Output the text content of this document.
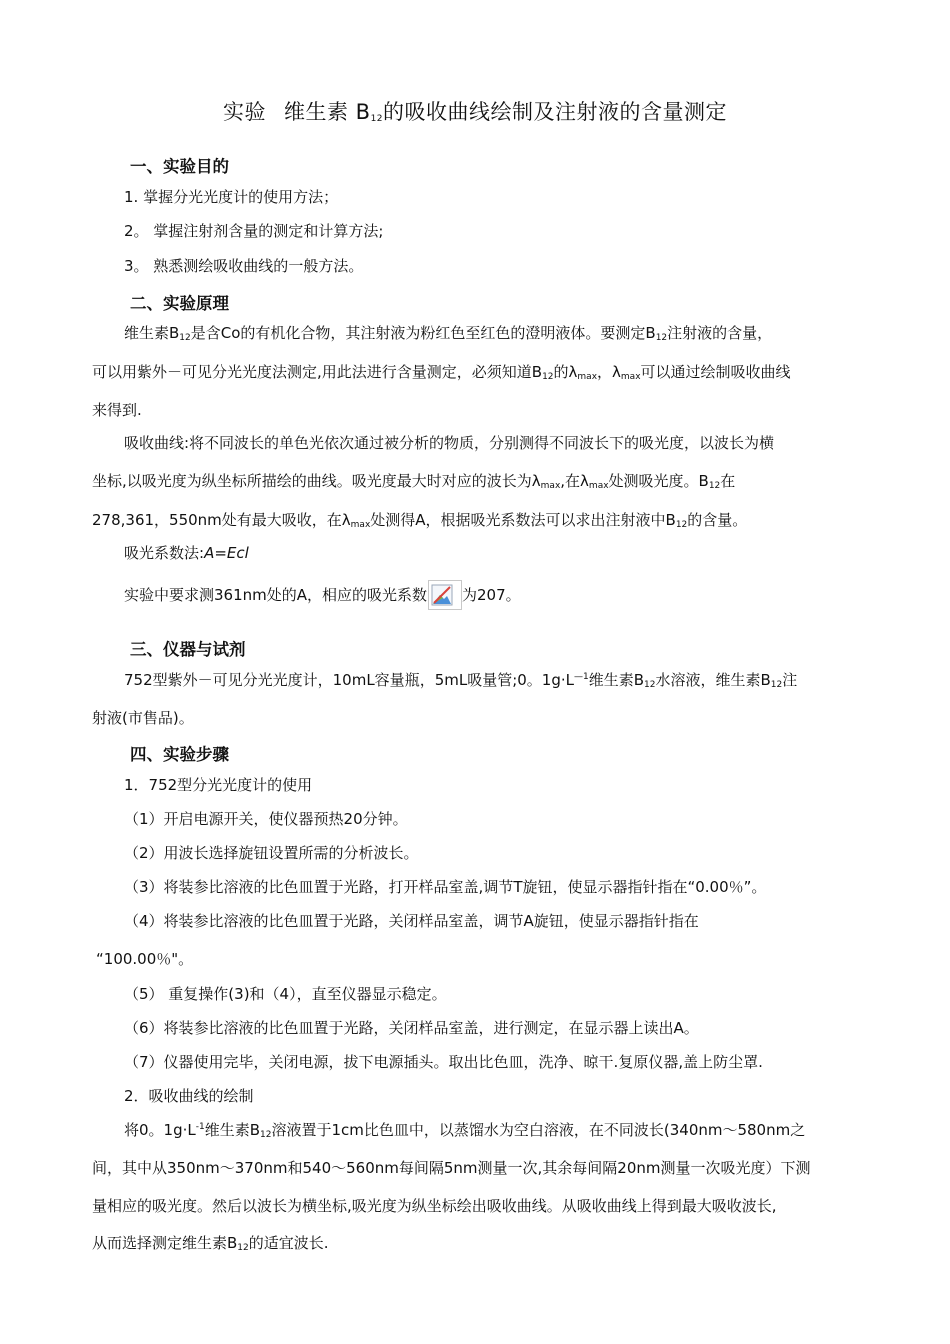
实验 维生素 $B_{12}$的吸收曲线绘制及注射液的含量测定
一、实验目的
1. 掌握分光光度计的使用方法；
2。 掌握注射剂含量的测定和计算方法;
3。 熟悉测绘吸收曲线的一般方法。
二、实验原理
维生素$B_{12}$是含Co的有机化合物，其注射液为粉红色至红色的澄明液体。要测定$B_{12}$注射液的含量，
可以用紫外－可见分光光度法测定,用此法进行含量测定，必须知道$B_{12}$的$\lambda_{max}$，$\lambda_{max}$可以通过绘制吸收曲线
来得到.
吸收曲线:将不同波长的单色光依次通过被分析的物质，分别测得不同波长下的吸光度，以波长为横
坐标,以吸光度为纵坐标所描绘的曲线。吸光度最大时对应的波长为$\lambda_{max}$,在$\lambda_{max}$处测吸光度。$B_{12}$在
278,361，550nm处有最大吸收，在$\lambda_{max}$处测得A，根据吸光系数法可以求出注射液中$B_{12}$的含量。
吸光系数法:A=Ecl
实验中要求测361nm处的A，相应的吸光系数 为207。
三、仪器与试剂
752型紫外－可见分光光度计，10mL容量瓶，5mL吸量管;0。$1g\cdot L^{—1}$维生素$B_{12}$水溶液，维生素$B_{12}$注
射液(市售品)。
四、实验步骤
1．752型分光光度计的使用
（1）开启电源开关，使仪器预热20分钟。
（2）用波长选择旋钮设置所需的分析波长。
（3）将装参比溶液的比色皿置于光路，打开样品室盖,调节T旋钮，使显示器指针指在“0.00％”。
（4）将装参比溶液的比色皿置于光路，关闭样品室盖，调节A旋钮，使显示器指针指在
“100.00％"。
（5） 重复操作(3)和（4），直至仪器显示稳定。
（6）将装参比溶液的比色皿置于光路，关闭样品室盖，进行测定，在显示器上读出A。
（7）仪器使用完毕，关闭电源，拔下电源插头。取出比色皿，洗净、晾干.复原仪器,盖上防尘罩.
2．吸收曲线的绘制
将0。$1g\cdot L^{-1}$维生素$B_{12}$溶液置于1cm比色皿中，以蒸馏水为空白溶液，在不同波长(340nm～580nm之
间，其中从350nm～370nm和540～560nm每间隔5nm测量一次,其余每间隔20nm测量一次吸光度）下测
量相应的吸光度。然后以波长为横坐标,吸光度为纵坐标绘出吸收曲线。从吸收曲线上得到最大吸收波长,
从而选择测定维生素$B_{12}$的适宜波长.
